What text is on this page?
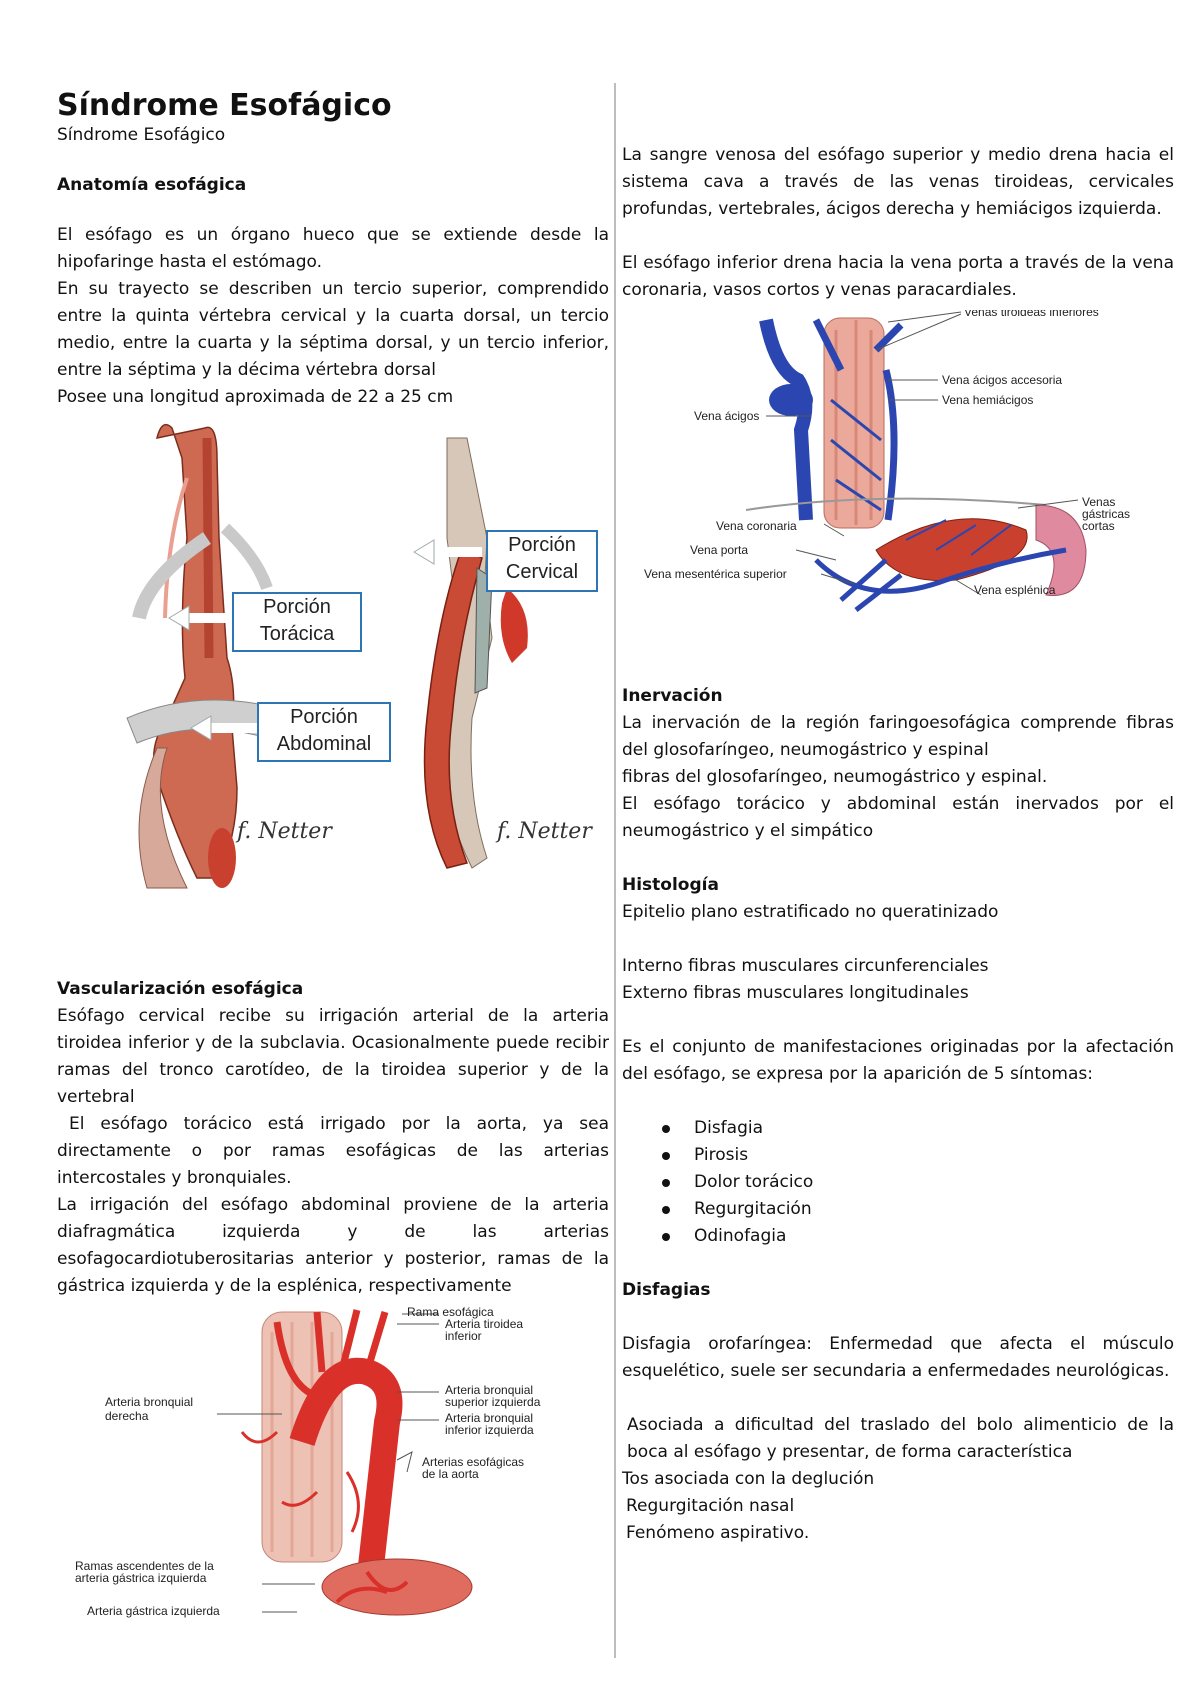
Síndrome Esofágico

Síndrome Esofágico

Anatomía esofágica

El esófago es un órgano hueco que se extiende desde la hipofaringe hasta el estómago.

En su trayecto se describen un tercio superior, comprendido entre la quinta vértebra cervical y la cuarta dorsal, un tercio medio, entre la cuarta y la séptima dorsal, y un tercio inferior, entre la séptima y la décima vértebra dorsal

Posee una longitud aproximada de 22 a 25 cm

f. Netter	f. Netter
Porción
Cervical
Porción
Torácica
Porción
Abdominal

Vascularización esofágica

Esófago cervical recibe su irrigación arterial de la arteria tiroidea inferior y de la subclavia. Ocasionalmente puede recibir ramas del tronco carotídeo, de la tiroidea superior y de la vertebral

El esófago torácico está irrigado por la aorta, ya sea directamente o por ramas esofágicas de las arterias intercostales y bronquiales.

La irrigación del esófago abdominal proviene de la arteria diafragmática izquierda y de las arterias esofagocardiotuberositarias anterior y posterior, ramas de la gástrica izquierda y de la esplénica, respectivamente

Rama esofágica
Arteria tiroidea
inferior
Arteria bronquial
derecha
Arteria bronquial
superior izquierda
Arteria bronquial
inferior izquierda
Arterias esofágicas
de la aorta
Ramas ascendentes de la
arteria gástrica izquierda
Arteria gástrica izquierda

La sangre venosa del esófago superior y medio drena hacia el sistema cava a través de las venas tiroideas, cervicales profundas, vertebrales, ácigos derecha y hemiácigos izquierda.

El esófago inferior drena hacia la vena porta a través de la vena coronaria, vasos cortos y venas paracardiales.

Venas tiroideas inferiores
Vena ácigos accesoria
Vena hemiácigos
Vena ácigos
Venas
gástricas
cortas
Vena coronaria
Vena porta
Vena mesentérica superior
Vena esplénica

Inervación

La inervación de la región faringoesofágica comprende fibras del glosofaríngeo, neumogástrico y espinal

fibras del glosofaríngeo, neumogástrico y espinal.

El esófago torácico y abdominal están inervados por el neumogástrico y el simpático

Histología

Epitelio plano estratificado no queratinizado

Interno fibras musculares circunferenciales

Externo fibras musculares longitudinales

Es el conjunto de manifestaciones originadas por la afectación del esófago, se expresa por la aparición de 5 síntomas:

Disfagia
Pirosis
Dolor torácico
Regurgitación
Odinofagia

Disfagias

Disfagia orofaríngea: Enfermedad que afecta el músculo esquelético, suele ser secundaria a enfermedades neurológicas.

Asociada a dificultad del traslado del bolo alimenticio de la boca al esófago y presentar, de forma característica

Tos asociada con la deglución

Regurgitación nasal

Fenómeno aspirativo.
